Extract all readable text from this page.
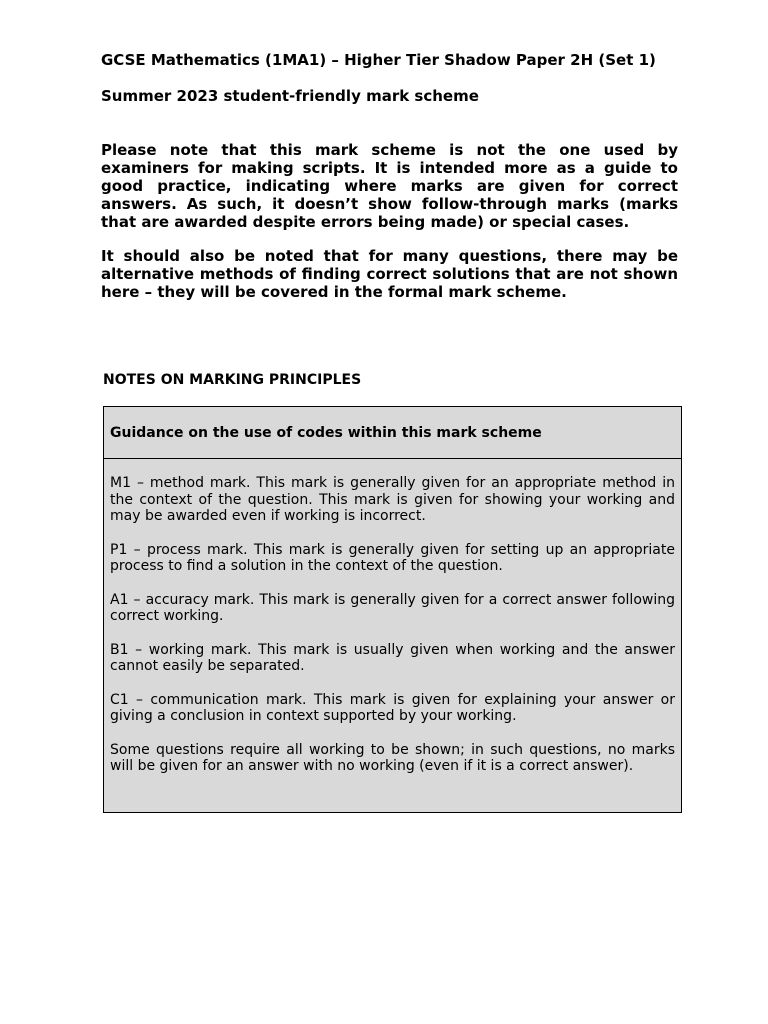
GCSE Mathematics (1MA1) – Higher Tier Shadow Paper 2H (Set 1)
Summer 2023 student-friendly mark scheme

Please note that this mark scheme is not the one used by examiners for making scripts. It is intended more as a guide to good practice, indicating where marks are given for correct answers. As such, it doesn’t show follow-through marks (marks that are awarded despite errors being made) or special cases.

It should also be noted that for many questions, there may be alternative methods of finding correct solutions that are not shown here – they will be covered in the formal mark scheme.

NOTES ON MARKING PRINCIPLES
Guidance on the use of codes within this mark scheme

M1 – method mark. This mark is generally given for an appropriate method in the context of the question. This mark is given for showing your working and may be awarded even if working is incorrect.

P1 – process mark. This mark is generally given for setting up an appropriate process to find a solution in the context of the question.

A1 – accuracy mark. This mark is generally given for a correct answer following correct working.

B1 – working mark. This mark is usually given when working and the answer cannot easily be separated.

C1 – communication mark. This mark is given for explaining your answer or giving a conclusion in context supported by your working.

Some questions require all working to be shown; in such questions, no marks will be given for an answer with no working (even if it is a correct answer).
